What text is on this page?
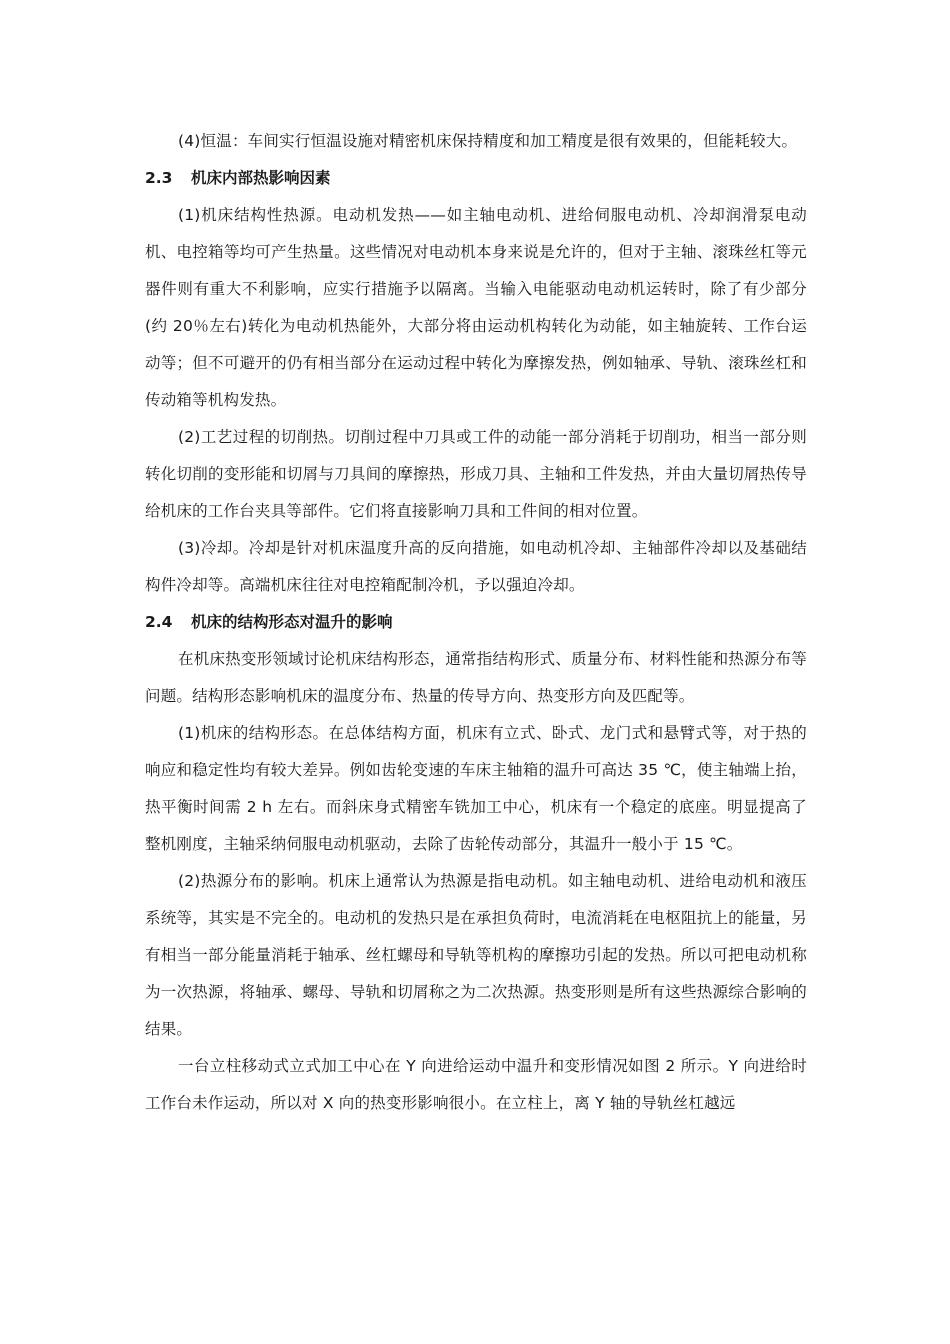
(4)恒温：车间实行恒温设施对精密机床保持精度和加工精度是很有效果的，但能耗较大。

2.3 机床内部热影响因素

(1)机床结构性热源。电动机发热——如主轴电动机、进给伺服电动机、冷却润滑泵电动机、电控箱等均可产生热量。这些情况对电动机本身来说是允许的，但对于主轴、滚珠丝杠等元器件则有重大不利影响，应实行措施予以隔离。当输入电能驱动电动机运转时，除了有少部分(约 20％左右)转化为电动机热能外，大部分将由运动机构转化为动能，如主轴旋转、工作台运动等；但不可避开的仍有相当部分在运动过程中转化为摩擦发热，例如轴承、导轨、滚珠丝杠和传动箱等机构发热。

(2)工艺过程的切削热。切削过程中刀具或工件的动能一部分消耗于切削功，相当一部分则转化切削的变形能和切屑与刀具间的摩擦热，形成刀具、主轴和工件发热，并由大量切屑热传导给机床的工作台夹具等部件。它们将直接影响刀具和工件间的相对位置。

(3)冷却。冷却是针对机床温度升高的反向措施，如电动机冷却、主轴部件冷却以及基础结构件冷却等。高端机床往往对电控箱配制冷机，予以强迫冷却。

2.4 机床的结构形态对温升的影响

在机床热变形领域讨论机床结构形态，通常指结构形式、质量分布、材料性能和热源分布等问题。结构形态影响机床的温度分布、热量的传导方向、热变形方向及匹配等。

(1)机床的结构形态。在总体结构方面，机床有立式、卧式、龙门式和悬臂式等，对于热的响应和稳定性均有较大差异。例如齿轮变速的车床主轴箱的温升可高达 35 ℃，使主轴端上抬，热平衡时间需 2 h 左右。而斜床身式精密车铣加工中心，机床有一个稳定的底座。明显提高了整机刚度，主轴采纳伺服电动机驱动，去除了齿轮传动部分，其温升一般小于 15 ℃。

(2)热源分布的影响。机床上通常认为热源是指电动机。如主轴电动机、进给电动机和液压系统等，其实是不完全的。电动机的发热只是在承担负荷时，电流消耗在电枢阻抗上的能量，另有相当一部分能量消耗于轴承、丝杠螺母和导轨等机构的摩擦功引起的发热。所以可把电动机称为一次热源，将轴承、螺母、导轨和切屑称之为二次热源。热变形则是所有这些热源综合影响的结果。

一台立柱移动式立式加工中心在 Y 向进给运动中温升和变形情况如图 2 所示。Y 向进给时工作台未作运动，所以对 X 向的热变形影响很小。在立柱上，离 Y 轴的导轨丝杠越远
